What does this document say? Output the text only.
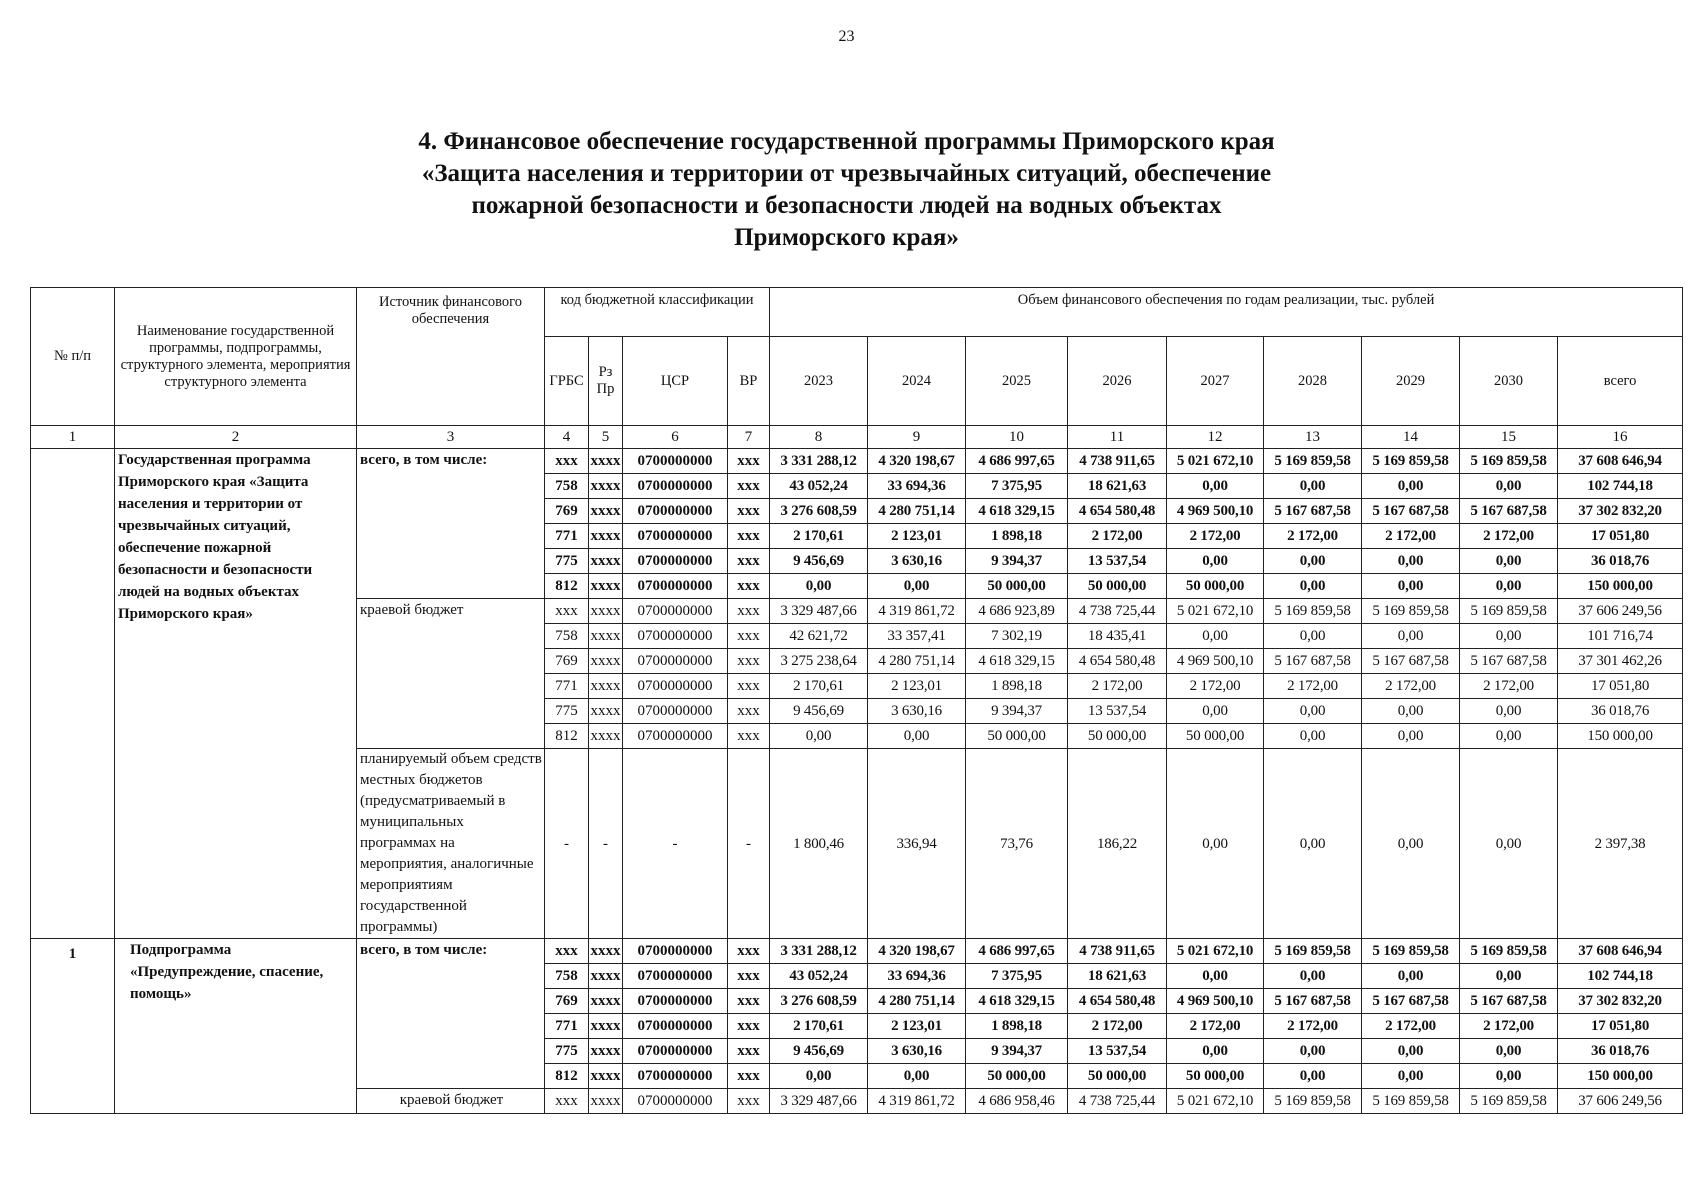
23
4. Финансовое обеспечение государственной программы Приморского края
«Защита населения и территории от чрезвычайных ситуаций, обеспечение
пожарной безопасности и безопасности людей на водных объектах
Приморского края»
№ п/п	Наименование государственной программы, подпрограммы, структурного элемента, мероприятия структурного элемента	Источник финансового обеспечения	код бюджетной классификации				Объем финансового обеспечения по годам реализации, тыс. рублей								
			ГРБС	Рз Пр	ЦСР	ВР	2023	2024	2025	2026	2027	2028	2029	2030	всего
1	2	3	4	5	6	7	8	9	10	11	12	13	14	15	16
	Государственная программа Приморского края «Защита населения и территории от чрезвычайных ситуаций, обеспечение пожарной безопасности и безопасности людей на водных объектах Приморского края»	всего, в том числе:	xxx	xxxx	0700000000	xxx	3 331 288,12	4 320 198,67	4 686 997,65	4 738 911,65	5 021 672,10	5 169 859,58	5 169 859,58	5 169 859,58	37 608 646,94
			758	xxxx	0700000000	xxx	43 052,24	33 694,36	7 375,95	18 621,63	0,00	0,00	0,00	0,00	102 744,18
			769	xxxx	0700000000	xxx	3 276 608,59	4 280 751,14	4 618 329,15	4 654 580,48	4 969 500,10	5 167 687,58	5 167 687,58	5 167 687,58	37 302 832,20
			771	xxxx	0700000000	xxx	2 170,61	2 123,01	1 898,18	2 172,00	2 172,00	2 172,00	2 172,00	2 172,00	17 051,80
			775	xxxx	0700000000	xxx	9 456,69	3 630,16	9 394,37	13 537,54	0,00	0,00	0,00	0,00	36 018,76
			812	xxxx	0700000000	xxx	0,00	0,00	50 000,00	50 000,00	50 000,00	0,00	0,00	0,00	150 000,00
		краевой бюджет	xxx	xxxx	0700000000	xxx	3 329 487,66	4 319 861,72	4 686 923,89	4 738 725,44	5 021 672,10	5 169 859,58	5 169 859,58	5 169 859,58	37 606 249,56
			758	xxxx	0700000000	xxx	42 621,72	33 357,41	7 302,19	18 435,41	0,00	0,00	0,00	0,00	101 716,74
			769	xxxx	0700000000	xxx	3 275 238,64	4 280 751,14	4 618 329,15	4 654 580,48	4 969 500,10	5 167 687,58	5 167 687,58	5 167 687,58	37 301 462,26
			771	xxxx	0700000000	xxx	2 170,61	2 123,01	1 898,18	2 172,00	2 172,00	2 172,00	2 172,00	2 172,00	17 051,80
			775	xxxx	0700000000	xxx	9 456,69	3 630,16	9 394,37	13 537,54	0,00	0,00	0,00	0,00	36 018,76
			812	xxxx	0700000000	xxx	0,00	0,00	50 000,00	50 000,00	50 000,00	0,00	0,00	0,00	150 000,00
		планируемый объем средств местных бюджетов (предусматриваемый в муниципальных программах на мероприятия, аналогичные мероприятиям государственной программы)	-	-	-	-	1 800,46	336,94	73,76	186,22	0,00	0,00	0,00	0,00	2 397,38
1	Подпрограмма «Предупреждение, спасение, помощь»	всего, в том числе:	xxx	xxxx	0700000000	xxx	3 331 288,12	4 320 198,67	4 686 997,65	4 738 911,65	5 021 672,10	5 169 859,58	5 169 859,58	5 169 859,58	37 608 646,94
			758	xxxx	0700000000	xxx	43 052,24	33 694,36	7 375,95	18 621,63	0,00	0,00	0,00	0,00	102 744,18
			769	xxxx	0700000000	xxx	3 276 608,59	4 280 751,14	4 618 329,15	4 654 580,48	4 969 500,10	5 167 687,58	5 167 687,58	5 167 687,58	37 302 832,20
			771	xxxx	0700000000	xxx	2 170,61	2 123,01	1 898,18	2 172,00	2 172,00	2 172,00	2 172,00	2 172,00	17 051,80
			775	xxxx	0700000000	xxx	9 456,69	3 630,16	9 394,37	13 537,54	0,00	0,00	0,00	0,00	36 018,76
			812	xxxx	0700000000	xxx	0,00	0,00	50 000,00	50 000,00	50 000,00	0,00	0,00	0,00	150 000,00
		краевой бюджет	xxx	xxxx	0700000000	xxx	3 329 487,66	4 319 861,72	4 686 958,46	4 738 725,44	5 021 672,10	5 169 859,58	5 169 859,58	5 169 859,58	37 606 249,56
